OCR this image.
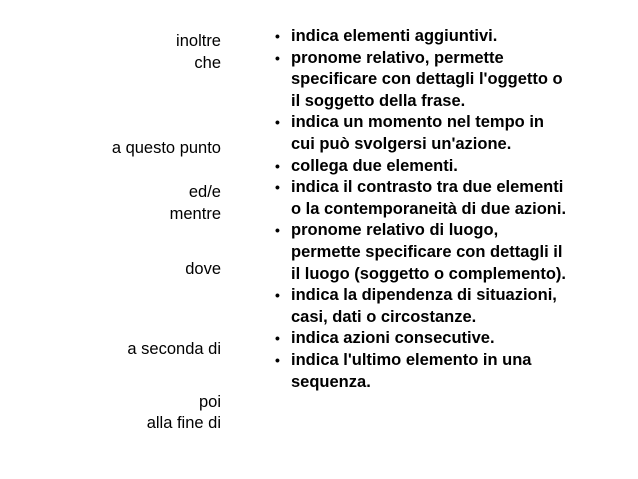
inoltre
che
a questo punto
ed/e
mentre
dove
a seconda di
poi
alla fine di
• indica elementi aggiuntivi.
• pronome relativo, permette
specificare con dettagli l'oggetto o
il soggetto della frase.
• indica un momento nel tempo in
cui può svolgersi un'azione.
• collega due elementi.
• indica il contrasto tra due elementi
o la contemporaneità di due azioni.
• pronome relativo di luogo,
permette specificare con dettagli il
il luogo (soggetto o complemento).
• indica la dipendenza di situazioni,
casi, dati o circostanze.
• indica azioni consecutive.
• indica l'ultimo elemento in una
sequenza.
